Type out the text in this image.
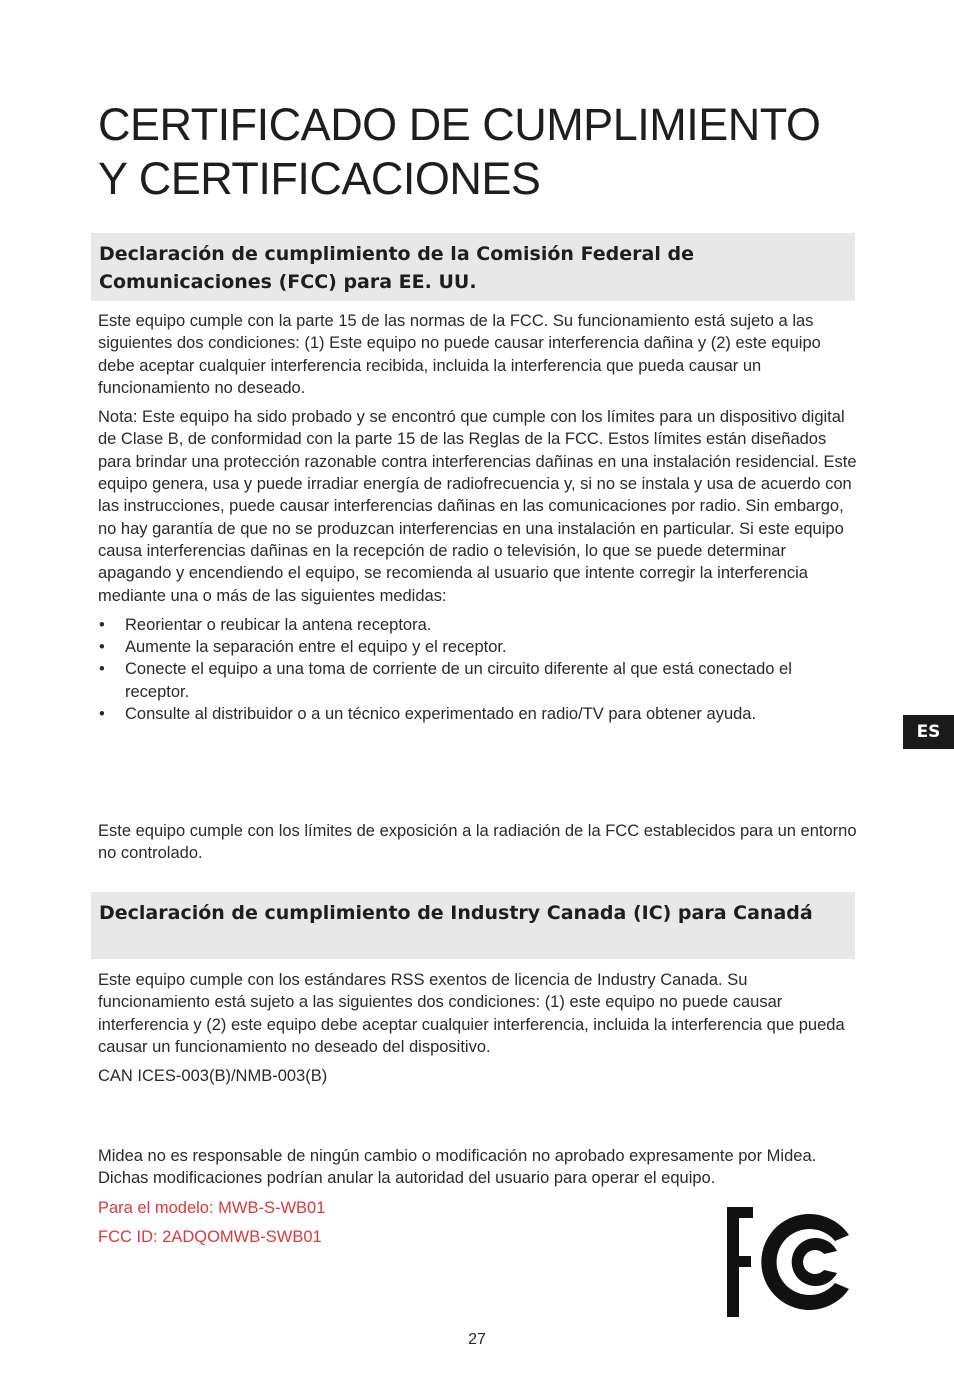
CERTIFICADO DE CUMPLIMIENTO
Y CERTIFICACIONES
Declaración de cumplimiento de la Comisión Federal de Comunicaciones (FCC) para EE. UU.

Este equipo cumple con la parte 15 de las normas de la FCC. Su funcionamiento está sujeto a las siguientes dos condiciones: (1) Este equipo no puede causar interferencia dañina y (2) este equipo debe aceptar cualquier interferencia recibida, incluida la interferencia que pueda causar un funcionamiento no deseado.

Nota: Este equipo ha sido probado y se encontró que cumple con los límites para un dispositivo digital de Clase B, de conformidad con la parte 15 de las Reglas de la FCC. Estos límites están diseñados para brindar una protección razonable contra interferencias dañinas en una instalación residencial. Este equipo genera, usa y puede irradiar energía de radiofrecuencia y, si no se instala y usa de acuerdo con las instrucciones, puede causar interferencias dañinas en las comunicaciones por radio. Sin embargo, no hay garantía de que no se produzcan interferencias en una instalación en particular. Si este equipo causa interferencias dañinas en la recepción de radio o televisión, lo que se puede determinar apagando y encendiendo el equipo, se recomienda al usuario que intente corregir la interferencia mediante una o más de las siguientes medidas:

• Reorientar o reubicar la antena receptora.
• Aumente la separación entre el equipo y el receptor.
• Conecte el equipo a una toma de corriente de un circuito diferente al que está conectado el receptor.
• Consulte al distribuidor o a un técnico experimentado en radio/TV para obtener ayuda.

Este equipo cumple con los límites de exposición a la radiación de la FCC establecidos para un entorno no controlado.

Declaración de cumplimiento de Industry Canada (IC) para Canadá

Este equipo cumple con los estándares RSS exentos de licencia de Industry Canada. Su funcionamiento está sujeto a las siguientes dos condiciones: (1) este equipo no puede causar interferencia y (2) este equipo debe aceptar cualquier interferencia, incluida la interferencia que pueda causar un funcionamiento no deseado del dispositivo.

CAN ICES-003(B)/NMB-003(B)

Midea no es responsable de ningún cambio o modificación no aprobado expresamente por Midea. Dichas modificaciones podrían anular la autoridad del usuario para operar el equipo.

Para el modelo: MWB-S-WB01

FCC ID: 2ADQOMWB-SWB01

ES
27
